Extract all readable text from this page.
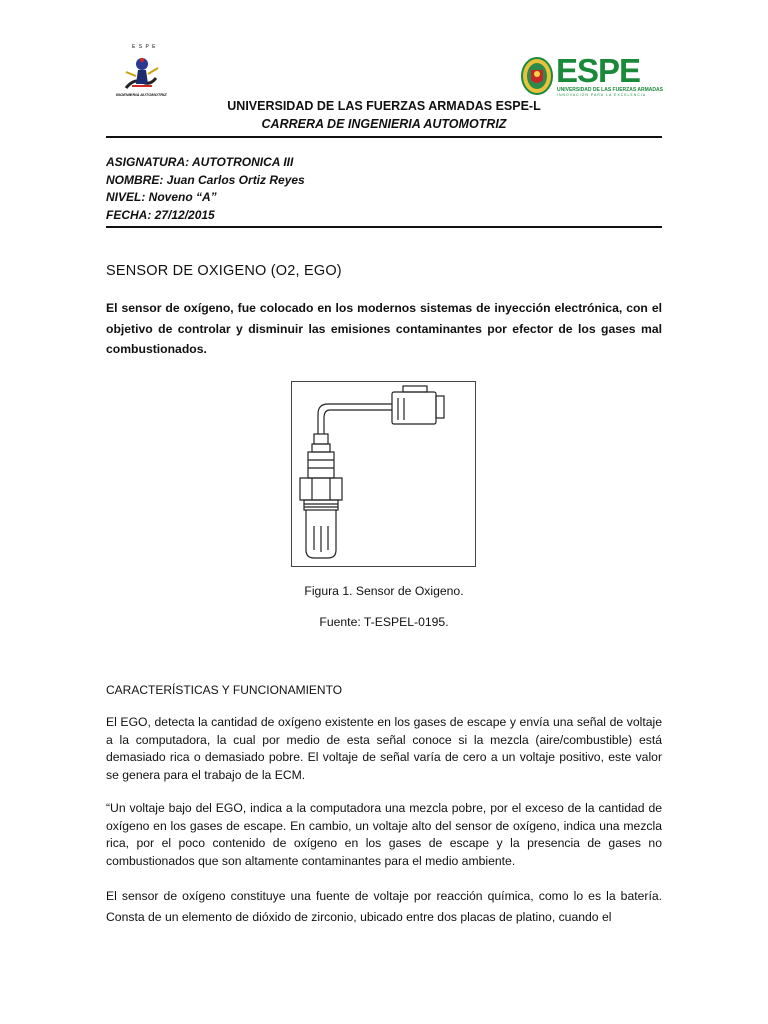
E S P E
INGENIERIA AUTOMOTRIZ
ESPE
UNIVERSIDAD DE LAS FUERZAS ARMADAS
INNOVACIÓN PARA LA EXCELENCIA
UNIVERSIDAD DE LAS FUERZAS ARMADAS ESPE-L
CARRERA DE INGENIERIA AUTOMOTRIZ
ASIGNATURA: AUTOTRONICA III
NOMBRE: Juan Carlos Ortiz Reyes
NIVEL: Noveno “A”
FECHA: 27/12/2015
SENSOR DE OXIGENO (O2, EGO)
El sensor de oxígeno, fue colocado en los modernos sistemas de inyección electrónica, con el objetivo de controlar y disminuir las emisiones contaminantes por efector de los gases mal combustionados.
Figura 1. Sensor de Oxigeno.
Fuente: T-ESPEL-0195.
CARACTERÍSTICAS Y FUNCIONAMIENTO
El EGO, detecta la cantidad de oxígeno existente en los gases de escape y envía una señal de voltaje a la computadora, la cual por medio de esta señal conoce si la mezcla (aire/combustible) está demasiado rica o demasiado pobre. El voltaje de señal varía de cero a un voltaje positivo, este valor se genera para el trabajo de la ECM.
“Un voltaje bajo del EGO, indica a la computadora una mezcla pobre, por el exceso de la cantidad de oxígeno en los gases de escape. En cambio, un voltaje alto del sensor de oxígeno, indica una mezcla rica, por el poco contenido de oxígeno en los gases de escape y la presencia de gases no combustionados que son altamente contaminantes para el medio ambiente.
El sensor de oxígeno constituye una fuente de voltaje por reacción química, como lo es la batería. Consta de un elemento de dióxido de zirconio, ubicado entre dos placas de platino, cuando el
